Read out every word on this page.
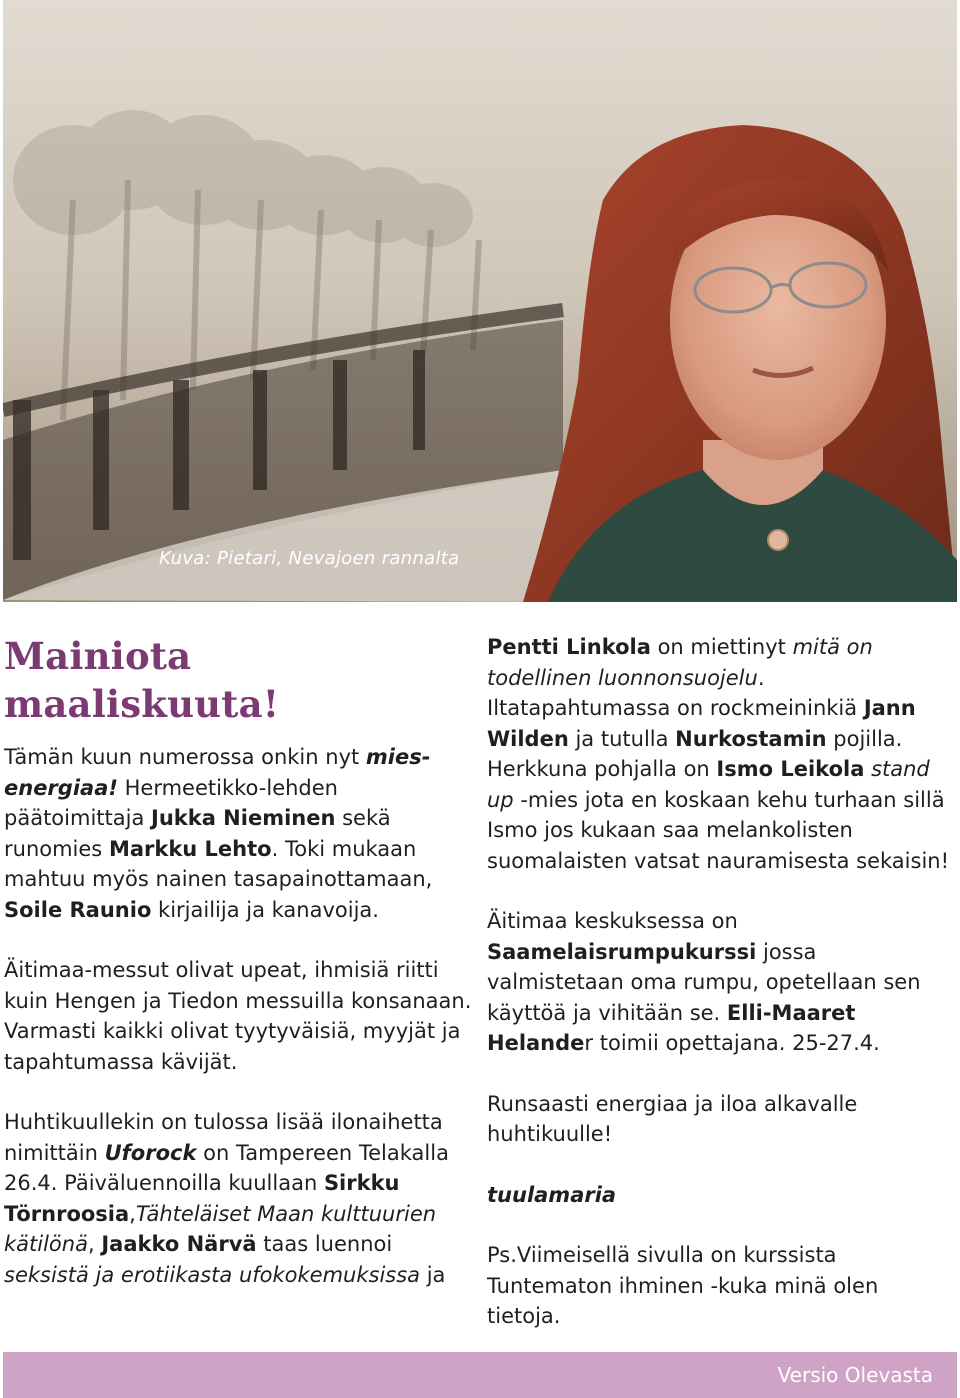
Kuva: Pietari, Nevajoen rannalta
Mainiota maaliskuuta!

Tämän kuun numerossa onkin nyt mies-energiaa! Hermeetikko-lehden päätoimittaja Jukka Nieminen sekä runomies Markku Lehto. Toki mukaan mahtuu myös nainen tasapainottamaan, Soile Raunio kirjailija ja kanavoija.

Äitimaa-messut olivat upeat, ihmisiä riitti kuin Hengen ja Tiedon messuilla konsanaan. Varmasti kaikki olivat tyytyväisiä, myyjät ja tapahtumassa kävijät.

Huhtikuullekin on tulossa lisää ilonaihetta nimittäin Uforock on Tampereen Telakalla 26.4. Päiväluennoilla kuullaan Sirkku Törnroosia,Tähteläiset Maan kulttuurien kätilönä, Jaakko Närvä taas luennoi seksistä ja erotiikasta ufokokemuksissa ja

Pentti Linkola on miettinyt mitä on todellinen luonnonsuojelu. Iltatapahtumassa on rockmeininkiä Jann Wilden ja tutulla Nurkostamin pojilla. Herkkuna pohjalla on Ismo Leikola stand up -mies jota en koskaan kehu turhaan sillä Ismo jos kukaan saa melankolisten suomalaisten vatsat nauramisesta sekaisin!

Äitimaa keskuksessa on Saamelaisrumpukurssi jossa valmistetaan oma rumpu, opetellaan sen käyttöä ja vihitään se. Elli-Maaret Helander toimii opettajana. 25-27.4.

Runsaasti energiaa ja iloa alkavalle huhtikuulle!

tuulamaria

Ps.Viimeisellä sivulla on kurssista Tuntematon ihminen -kuka minä olen tietoja.

Versio Olevasta
